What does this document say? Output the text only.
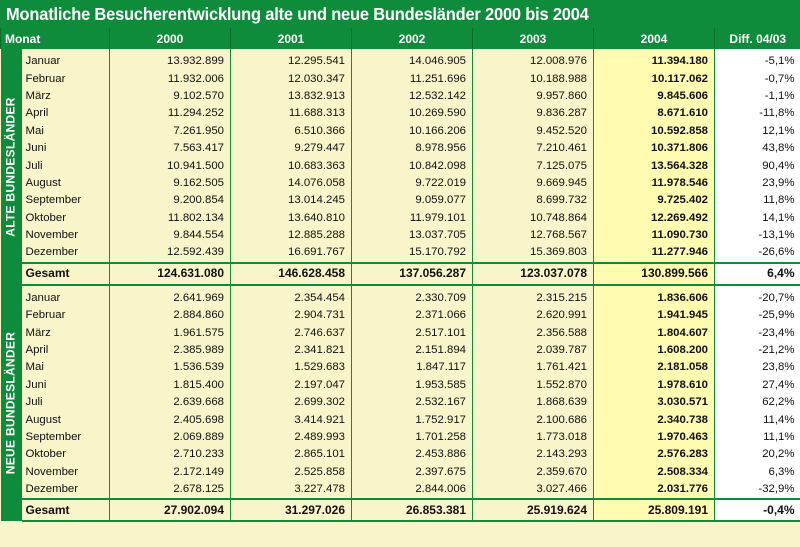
Monatliche Besucherentwicklung alte und neue Bundesländer 2000 bis 2004
Monat		2000	2001	2002	2003	2004	Diff. 04/03

ALTE BUNDESLÄNDER	Januar	13.932.899	12.295.541	14.046.905	12.008.976	11.394.180	-5,1%
	Februar	11.932.006	12.030.347	11.251.696	10.188.988	10.117.062	-0,7%
	März	9.102.570	13.832.913	12.532.142	9.957.860	9.845.606	-1,1%
	April	11.294.252	11.688.313	10.269.590	9.836.287	8.671.610	-11,8%
	Mai	7.261.950	6.510.366	10.166.206	9.452.520	10.592.858	12,1%
	Juni	7.563.417	9.279.447	8.978.956	7.210.461	10.371.806	43,8%
	Juli	10.941.500	10.683.363	10.842.098	7.125.075	13.564.328	90,4%
	August	9.162.505	14.076.058	9.722.019	9.669.945	11.978.546	23,9%
	September	9.200.854	13.014.245	9.059.077	8.699.732	9.725.402	11,8%
	Oktober	11.802.134	13.640.810	11.979.101	10.748.864	12.269.492	14,1%
	November	9.844.554	12.885.288	13.037.705	12.768.567	11.090.730	-13,1%
	Dezember	12.592.439	16.691.767	15.170.792	15.369.803	11.277.946	-26,6%
	Gesamt	124.631.080	146.628.458	137.056.287	123.037.078	130.899.566	6,4%

NEUE BUNDESLÄNDER	Januar	2.641.969	2.354.454	2.330.709	2.315.215	1.836.606	-20,7%
	Februar	2.884.860	2.904.731	2.371.066	2.620.991	1.941.945	-25,9%
	März	1.961.575	2.746.637	2.517.101	2.356.588	1.804.607	-23,4%
	April	2.385.989	2.341.821	2.151.894	2.039.787	1.608.200	-21,2%
	Mai	1.536.539	1.529.683	1.847.117	1.761.421	2.181.058	23,8%
	Juni	1.815.400	2.197.047	1.953.585	1.552.870	1.978.610	27,4%
	Juli	2.639.668	2.699.302	2.532.167	1.868.639	3.030.571	62,2%
	August	2.405.698	3.414.921	1.752.917	2.100.686	2.340.738	11,4%
	September	2.069.889	2.489.993	1.701.258	1.773.018	1.970.463	11,1%
	Oktober	2.710.233	2.865.101	2.453.886	2.143.293	2.576.283	20,2%
	November	2.172.149	2.525.858	2.397.675	2.359.670	2.508.334	6,3%
	Dezember	2.678.125	3.227.478	2.844.006	3.027.466	2.031.776	-32,9%
	Gesamt	27.902.094	31.297.026	26.853.381	25.919.624	25.809.191	-0,4%
